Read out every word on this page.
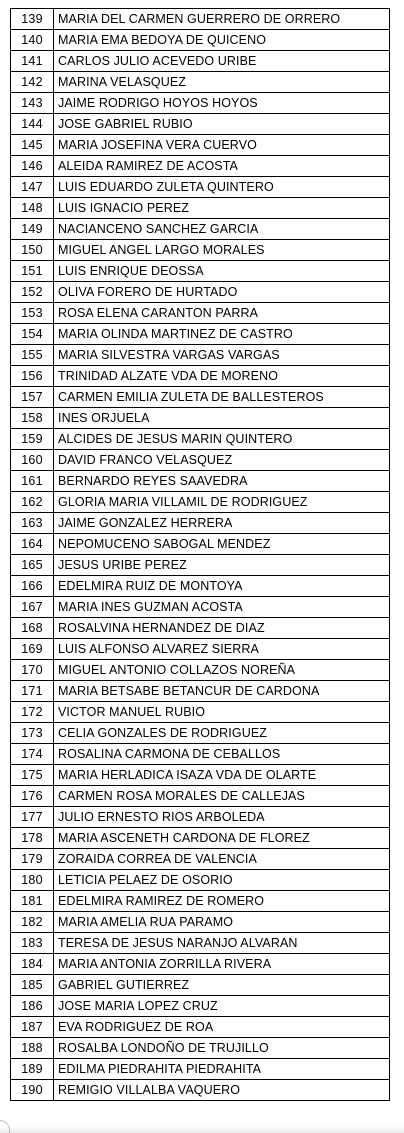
139	MARIA DEL CARMEN GUERRERO DE ORRERO
140	MARIA EMA BEDOYA DE QUICENO
141	CARLOS JULIO ACEVEDO URIBE
142	MARINA VELASQUEZ
143	JAIME RODRIGO HOYOS HOYOS
144	JOSE GABRIEL RUBIO
145	MARIA JOSEFINA VERA CUERVO
146	ALEIDA RAMIREZ DE ACOSTA
147	LUIS EDUARDO ZULETA QUINTERO
148	LUIS IGNACIO PEREZ
149	NACIANCENO SANCHEZ GARCIA
150	MIGUEL ANGEL LARGO MORALES
151	LUIS ENRIQUE DEOSSA
152	OLIVA FORERO DE HURTADO
153	ROSA ELENA CARANTON PARRA
154	MARIA OLINDA MARTINEZ DE CASTRO
155	MARIA SILVESTRA VARGAS VARGAS
156	TRINIDAD ALZATE VDA DE MORENO
157	CARMEN EMILIA ZULETA DE BALLESTEROS
158	INES ORJUELA
159	ALCIDES DE JESUS MARIN QUINTERO
160	DAVID FRANCO VELASQUEZ
161	BERNARDO REYES SAAVEDRA
162	GLORIA MARIA VILLAMIL DE RODRIGUEZ
163	JAIME GONZALEZ HERRERA
164	NEPOMUCENO SABOGAL MENDEZ
165	JESUS URIBE PEREZ
166	EDELMIRA RUIZ DE MONTOYA
167	MARIA INES GUZMAN ACOSTA
168	ROSALVINA HERNANDEZ DE DIAZ
169	LUIS ALFONSO ALVAREZ SIERRA
170	MIGUEL ANTONIO COLLAZOS NOREÑA
171	MARIA BETSABE BETANCUR DE CARDONA
172	VICTOR MANUEL RUBIO
173	CELIA GONZALES DE RODRIGUEZ
174	ROSALINA CARMONA DE CEBALLOS
175	MARIA HERLADICA ISAZA VDA DE OLARTE
176	CARMEN ROSA MORALES DE CALLEJAS
177	JULIO ERNESTO RIOS ARBOLEDA
178	MARIA ASCENETH CARDONA DE FLOREZ
179	ZORAIDA CORREA DE VALENCIA
180	LETICIA PELAEZ DE OSORIO
181	EDELMIRA RAMIREZ DE ROMERO
182	MARIA AMELIA RUA PARAMO
183	TERESA DE JESUS NARANJO ALVARAN
184	MARIA ANTONIA ZORRILLA RIVERA
185	GABRIEL GUTIERREZ
186	JOSE MARIA LOPEZ CRUZ
187	EVA RODRIGUEZ DE ROA
188	ROSALBA LONDOÑO DE TRUJILLO
189	EDILMA PIEDRAHITA PIEDRAHITA
190	REMIGIO VILLALBA VAQUERO
